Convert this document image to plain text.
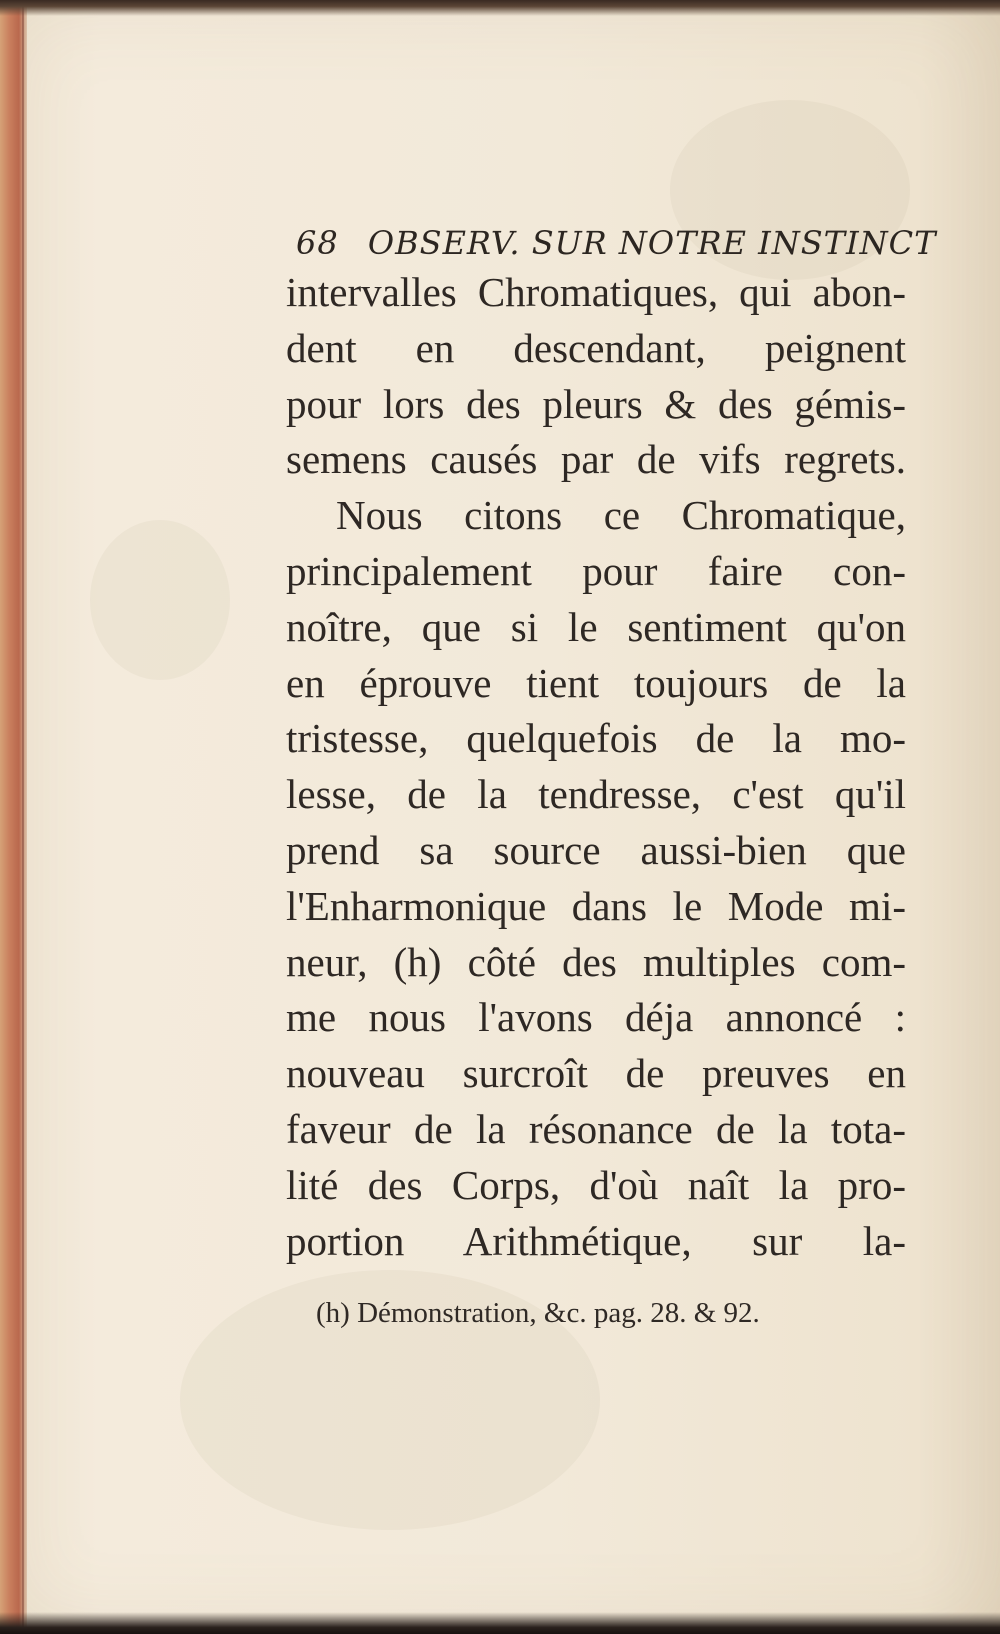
68 OBSERV. SUR NOTRE INSTINCT
intervalles Chromatiques, qui abon-
dent en descendant, peignent
pour lors des pleurs & des gémis-
semens causés par de vifs regrets.
Nous citons ce Chromatique,
principalement pour faire con-
noître, que si le sentiment qu'on
en éprouve tient toujours de la
tristesse, quelquefois de la mo-
lesse, de la tendresse, c'est qu'il
prend sa source aussi-bien que
l'Enharmonique dans le Mode mi-
neur, (h) côté des multiples com-
me nous l'avons déja annoncé :
nouveau surcroît de preuves en
faveur de la résonance de la tota-
lité des Corps, d'où naît la pro-
portion Arithmétique, sur la-
(h) Démonstration, &c. pag. 28. & 92.
